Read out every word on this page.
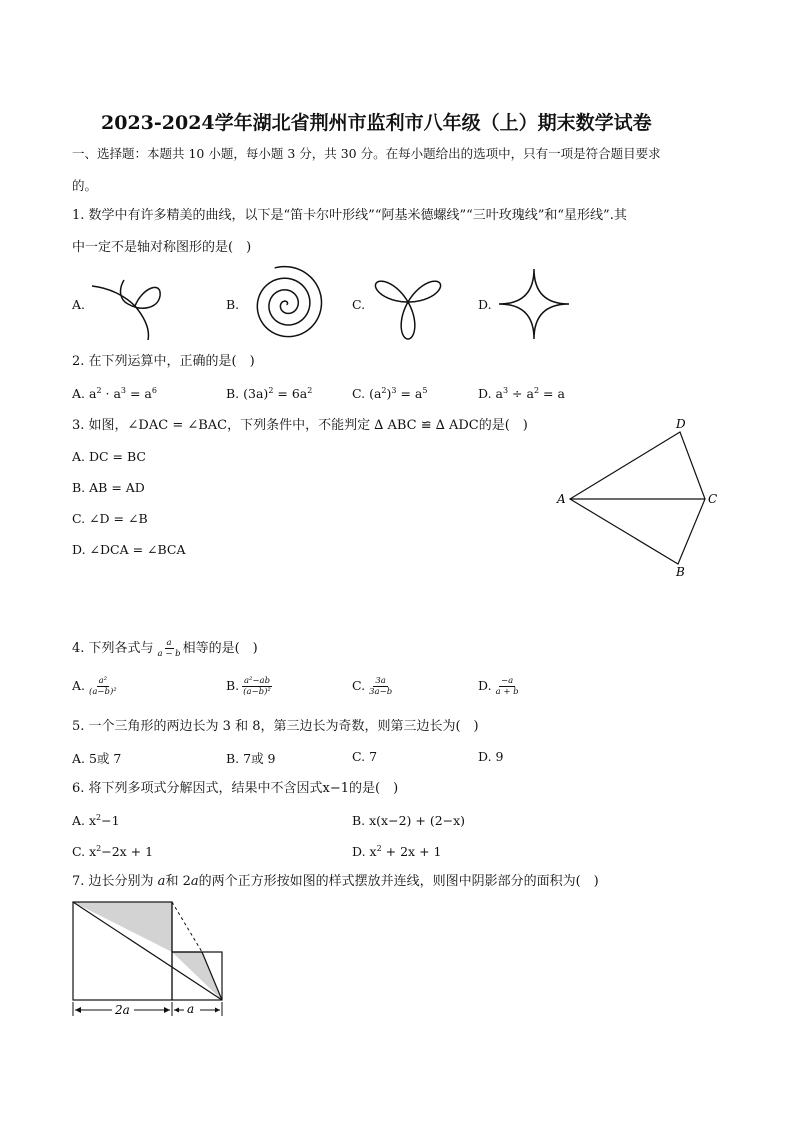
2023-2024学年湖北省荆州市监利市八年级（上）期末数学试卷
一、选择题：本题共 10 小题，每小题 3 分，共 30 分。在每小题给出的选项中，只有一项是符合题目要求
的。
1. 数学中有许多精美的曲线，以下是“笛卡尔叶形线”“阿基米德螺线”“三叶玫瑰线”和“星形线”.其
中一定不是轴对称图形的是(　)
A.	B.	C.	D.
2. 在下列运算中，正确的是(　)
A. $a^2 \cdot a^3 = a^6$	B. $(3a)^2 = 6a^2$	C. $(a^2)^3 = a^5$	D. $a^3 \div a^2 = a$
3. 如图，∠DAC = ∠BAC，下列条件中，不能判定 ∆ ABC ≌ ∆ ADC的是(　)
A. DC = BC
B. AB = AD
C. ∠D = ∠B
D. ∠DCA = ∠BCA
D
A	C
B
4. 下列各式与 $\frac{a}{a - b}$ 相等的是(　)
A. $\frac{\text{a²}}{\text{(a−b)²}}$	B. $\frac{\text{a²−ab}}{\text{(a−b)²}}$	C. $\frac{3a}{3a-b}$	D. $\frac{-a}{a + b}$
5. 一个三角形的两边长为 3 和 8，第三边长为奇数，则第三边长为(　)
A. 5或 7	B. 7或 9	C. 7	D. 9
6. 将下列多项式分解因式，结果中不含因式x−1的是(　)
A. $x^2-1$	B. x(x−2) + (2−x)
C. $x^2-2x + 1$	D. $x^2 + 2x + 1$
7. 边长分别为 a和 2a的两个正方形按如图的样式摆放并连线，则图中阴影部分的面积为(　)
2a	a
